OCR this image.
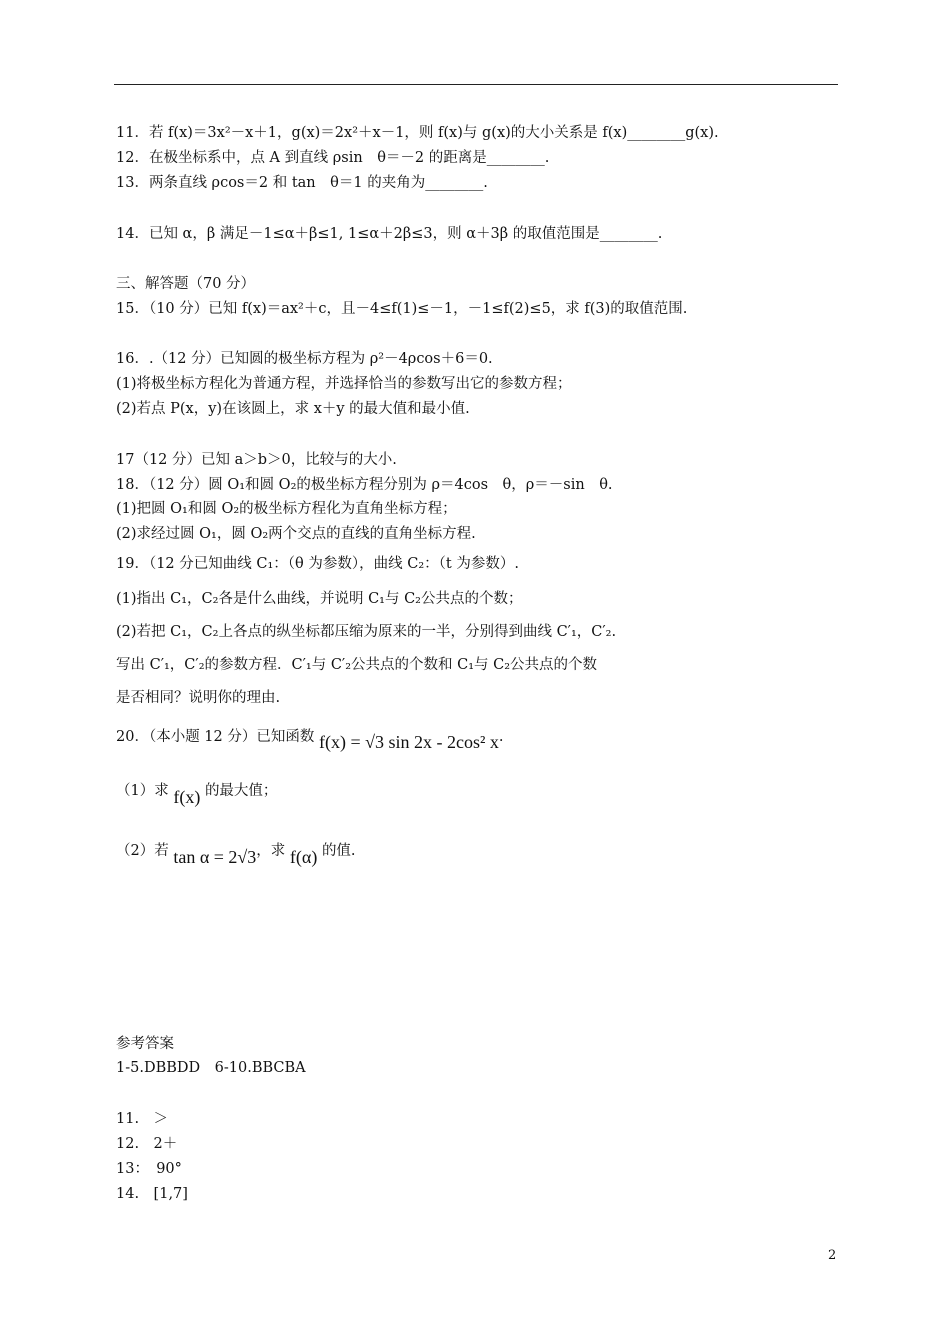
11．若 f(x)＝3x²－x＋1，g(x)＝2x²＋x－1，则 f(x)与 g(x)的大小关系是 f(x)________g(x).
12．在极坐标系中，点 A 到直线 ρsin　θ＝－2 的距离是________.
13．两条直线 ρcos＝2 和 tan　θ＝1 的夹角为________.
14．已知 α，β 满足－1≤α＋β≤1, 1≤α＋2β≤3，则 α＋3β 的取值范围是________.
三、解答题（70 分）
15．（10 分）已知 f(x)＝ax²＋c，且－4≤f(1)≤－1，－1≤f(2)≤5，求 f(3)的取值范围.
16．.（12 分）已知圆的极坐标方程为 ρ²－4ρcos＋6＝0.
(1)将极坐标方程化为普通方程，并选择恰当的参数写出它的参数方程；
(2)若点 P(x，y)在该圆上，求 x＋y 的最大值和最小值.
17（12 分）已知 a＞b＞0，比较与的大小.
18．（12 分）圆 O₁和圆 O₂的极坐标方程分别为 ρ＝4cos　θ，ρ＝－sin　θ.
(1)把圆 O₁和圆 O₂的极坐标方程化为直角坐标方程；
(2)求经过圆 O₁，圆 O₂两个交点的直线的直角坐标方程.
19．（12 分已知曲线 C₁：（θ 为参数），曲线 C₂：（t 为参数）.
(1)指出 C₁，C₂各是什么曲线，并说明 C₁与 C₂公共点的个数；
(2)若把 C₁，C₂上各点的纵坐标都压缩为原来的一半，分别得到曲线 C′₁，C′₂.
写出 C′₁，C′₂的参数方程．C′₁与 C′₂公共点的个数和 C₁与 C₂公共点的个数
是否相同？说明你的理由.
20．（本小题 12 分）已知函数 f(x) = √3 sin 2x - 2cos² x.
（1）求 f(x) 的最大值；
（2）若 tan α = 2√3，求 f(α) 的值.
参考答案
1-5.DBBDD　6-10.BBCBA
11.　＞
12.　2＋
13：　90°
14.　[1,7]
2
